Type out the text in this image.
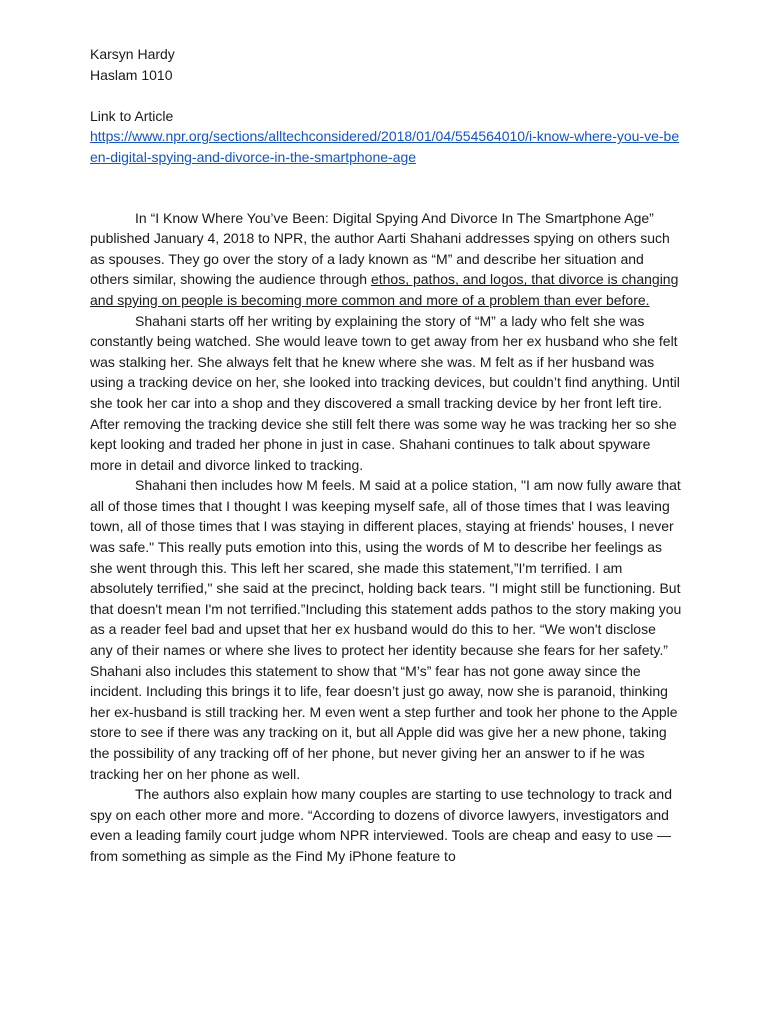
Karsyn Hardy
Haslam 1010
Link to Article
https://www.npr.org/sections/alltechconsidered/2018/01/04/554564010/i-know-where-you-ve-been-digital-spying-and-divorce-in-the-smartphone-age

In “I Know Where You’ve Been: Digital Spying And Divorce In The Smartphone Age” published January 4, 2018 to NPR, the author Aarti Shahani addresses spying on others such as spouses. They go over the story of a lady known as “M” and describe her situation and others similar, showing the audience through ethos, pathos, and logos, that divorce is changing and spying on people is becoming more common and more of a problem than ever before.

Shahani starts off her writing by explaining the story of “M” a lady who felt she was constantly being watched. She would leave town to get away from her ex husband who she felt was stalking her. She always felt that he knew where she was. M felt as if her husband was using a tracking device on her, she looked into tracking devices, but couldn’t find anything. Until she took her car into a shop and they discovered a small tracking device by her front left tire. After removing the tracking device she still felt there was some way he was tracking her so she kept looking and traded her phone in just in case. Shahani continues to talk about spyware more in detail and divorce linked to tracking.

Shahani then includes how M feels. M said at a police station, "I am now fully aware that all of those times that I thought I was keeping myself safe, all of those times that I was leaving town, all of those times that I was staying in different places, staying at friends' houses, I never was safe." This really puts emotion into this, using the words of M to describe her feelings as she went through this. This left her scared, she made this statement,”I'm terrified. I am absolutely terrified," she said at the precinct, holding back tears. "I might still be functioning. But that doesn't mean I'm not terrified.”Including this statement adds pathos to the story making you as a reader feel bad and upset that her ex husband would do this to her. “We won't disclose any of their names or where she lives to protect her identity because she fears for her safety.” Shahani also includes this statement to show that “M’s” fear has not gone away since the incident. Including this brings it to life, fear doesn’t just go away, now she is paranoid, thinking her ex-husband is still tracking her. M even went a step further and took her phone to the Apple store to see if there was any tracking on it, but all Apple did was give her a new phone, taking the possibility of any tracking off of her phone, but never giving her an answer to if he was tracking her on her phone as well.

The authors also explain how many couples are starting to use technology to track and spy on each other more and more. “According to dozens of divorce lawyers, investigators and even a leading family court judge whom NPR interviewed. Tools are cheap and easy to use — from something as simple as the Find My iPhone feature to
